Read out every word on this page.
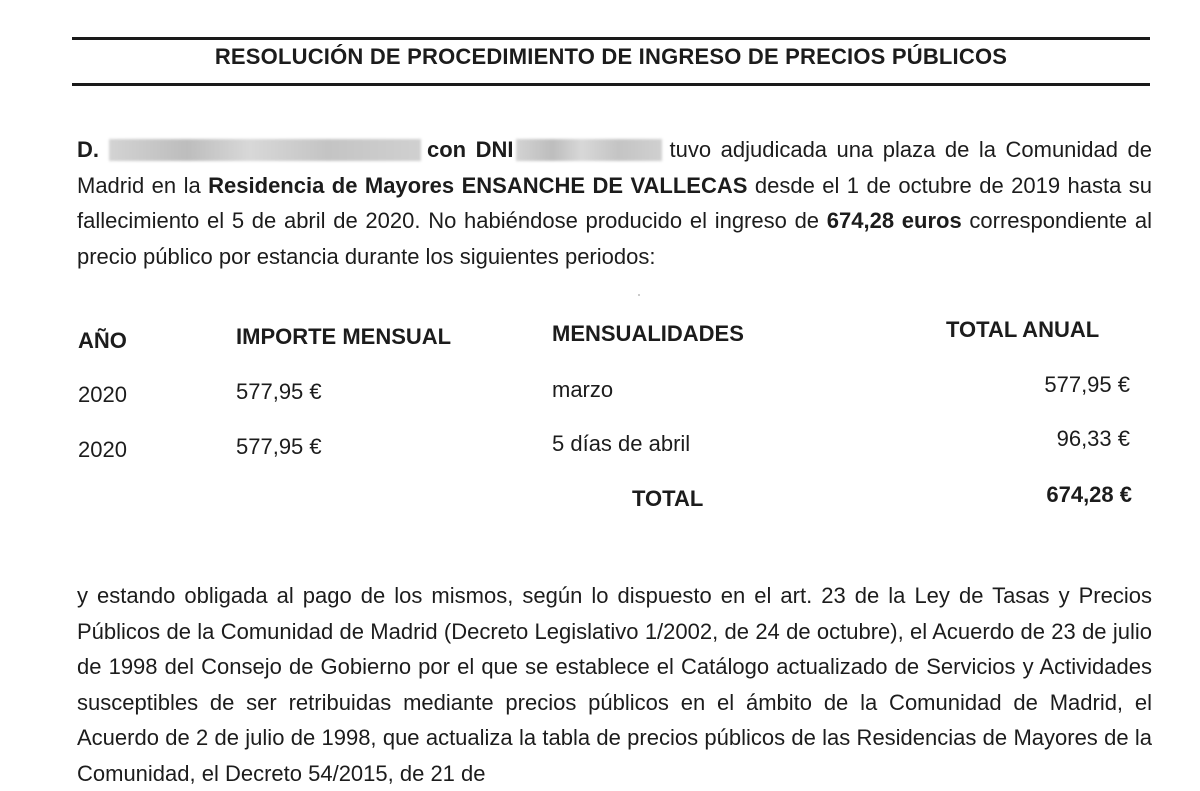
RESOLUCIÓN DE PROCEDIMIENTO DE INGRESO DE PRECIOS PÚBLICOS
D.	con DNI	tuvo adjudicada una plaza de la Comunidad de Madrid en la Residencia de Mayores ENSANCHE DE VALLECAS desde el 1 de octubre de 2019 hasta su fallecimiento el 5 de abril de 2020. No habiéndose producido el ingreso de 674,28 euros correspondiente al precio público por estancia durante los siguientes periodos:
AÑO	IMPORTE MENSUAL	MENSUALIDADES	TOTAL ANUAL
2020	577,95 €	marzo	577,95 €
2020	577,95 €	5 días de abril	96,33 €
TOTAL	674,28 €
y estando obligada al pago de los mismos, según lo dispuesto en el art. 23 de la Ley de Tasas y Precios Públicos de la Comunidad de Madrid (Decreto Legislativo 1/2002, de 24 de octubre), el Acuerdo de 23 de julio de 1998 del Consejo de Gobierno por el que se establece el Catálogo actualizado de Servicios y Actividades susceptibles de ser retribuidas mediante precios públicos en el ámbito de la Comunidad de Madrid, el Acuerdo de 2 de julio de 1998, que actualiza la tabla de precios públicos de las Residencias de Mayores de la Comunidad, el Decreto 54/2015, de 21 de
